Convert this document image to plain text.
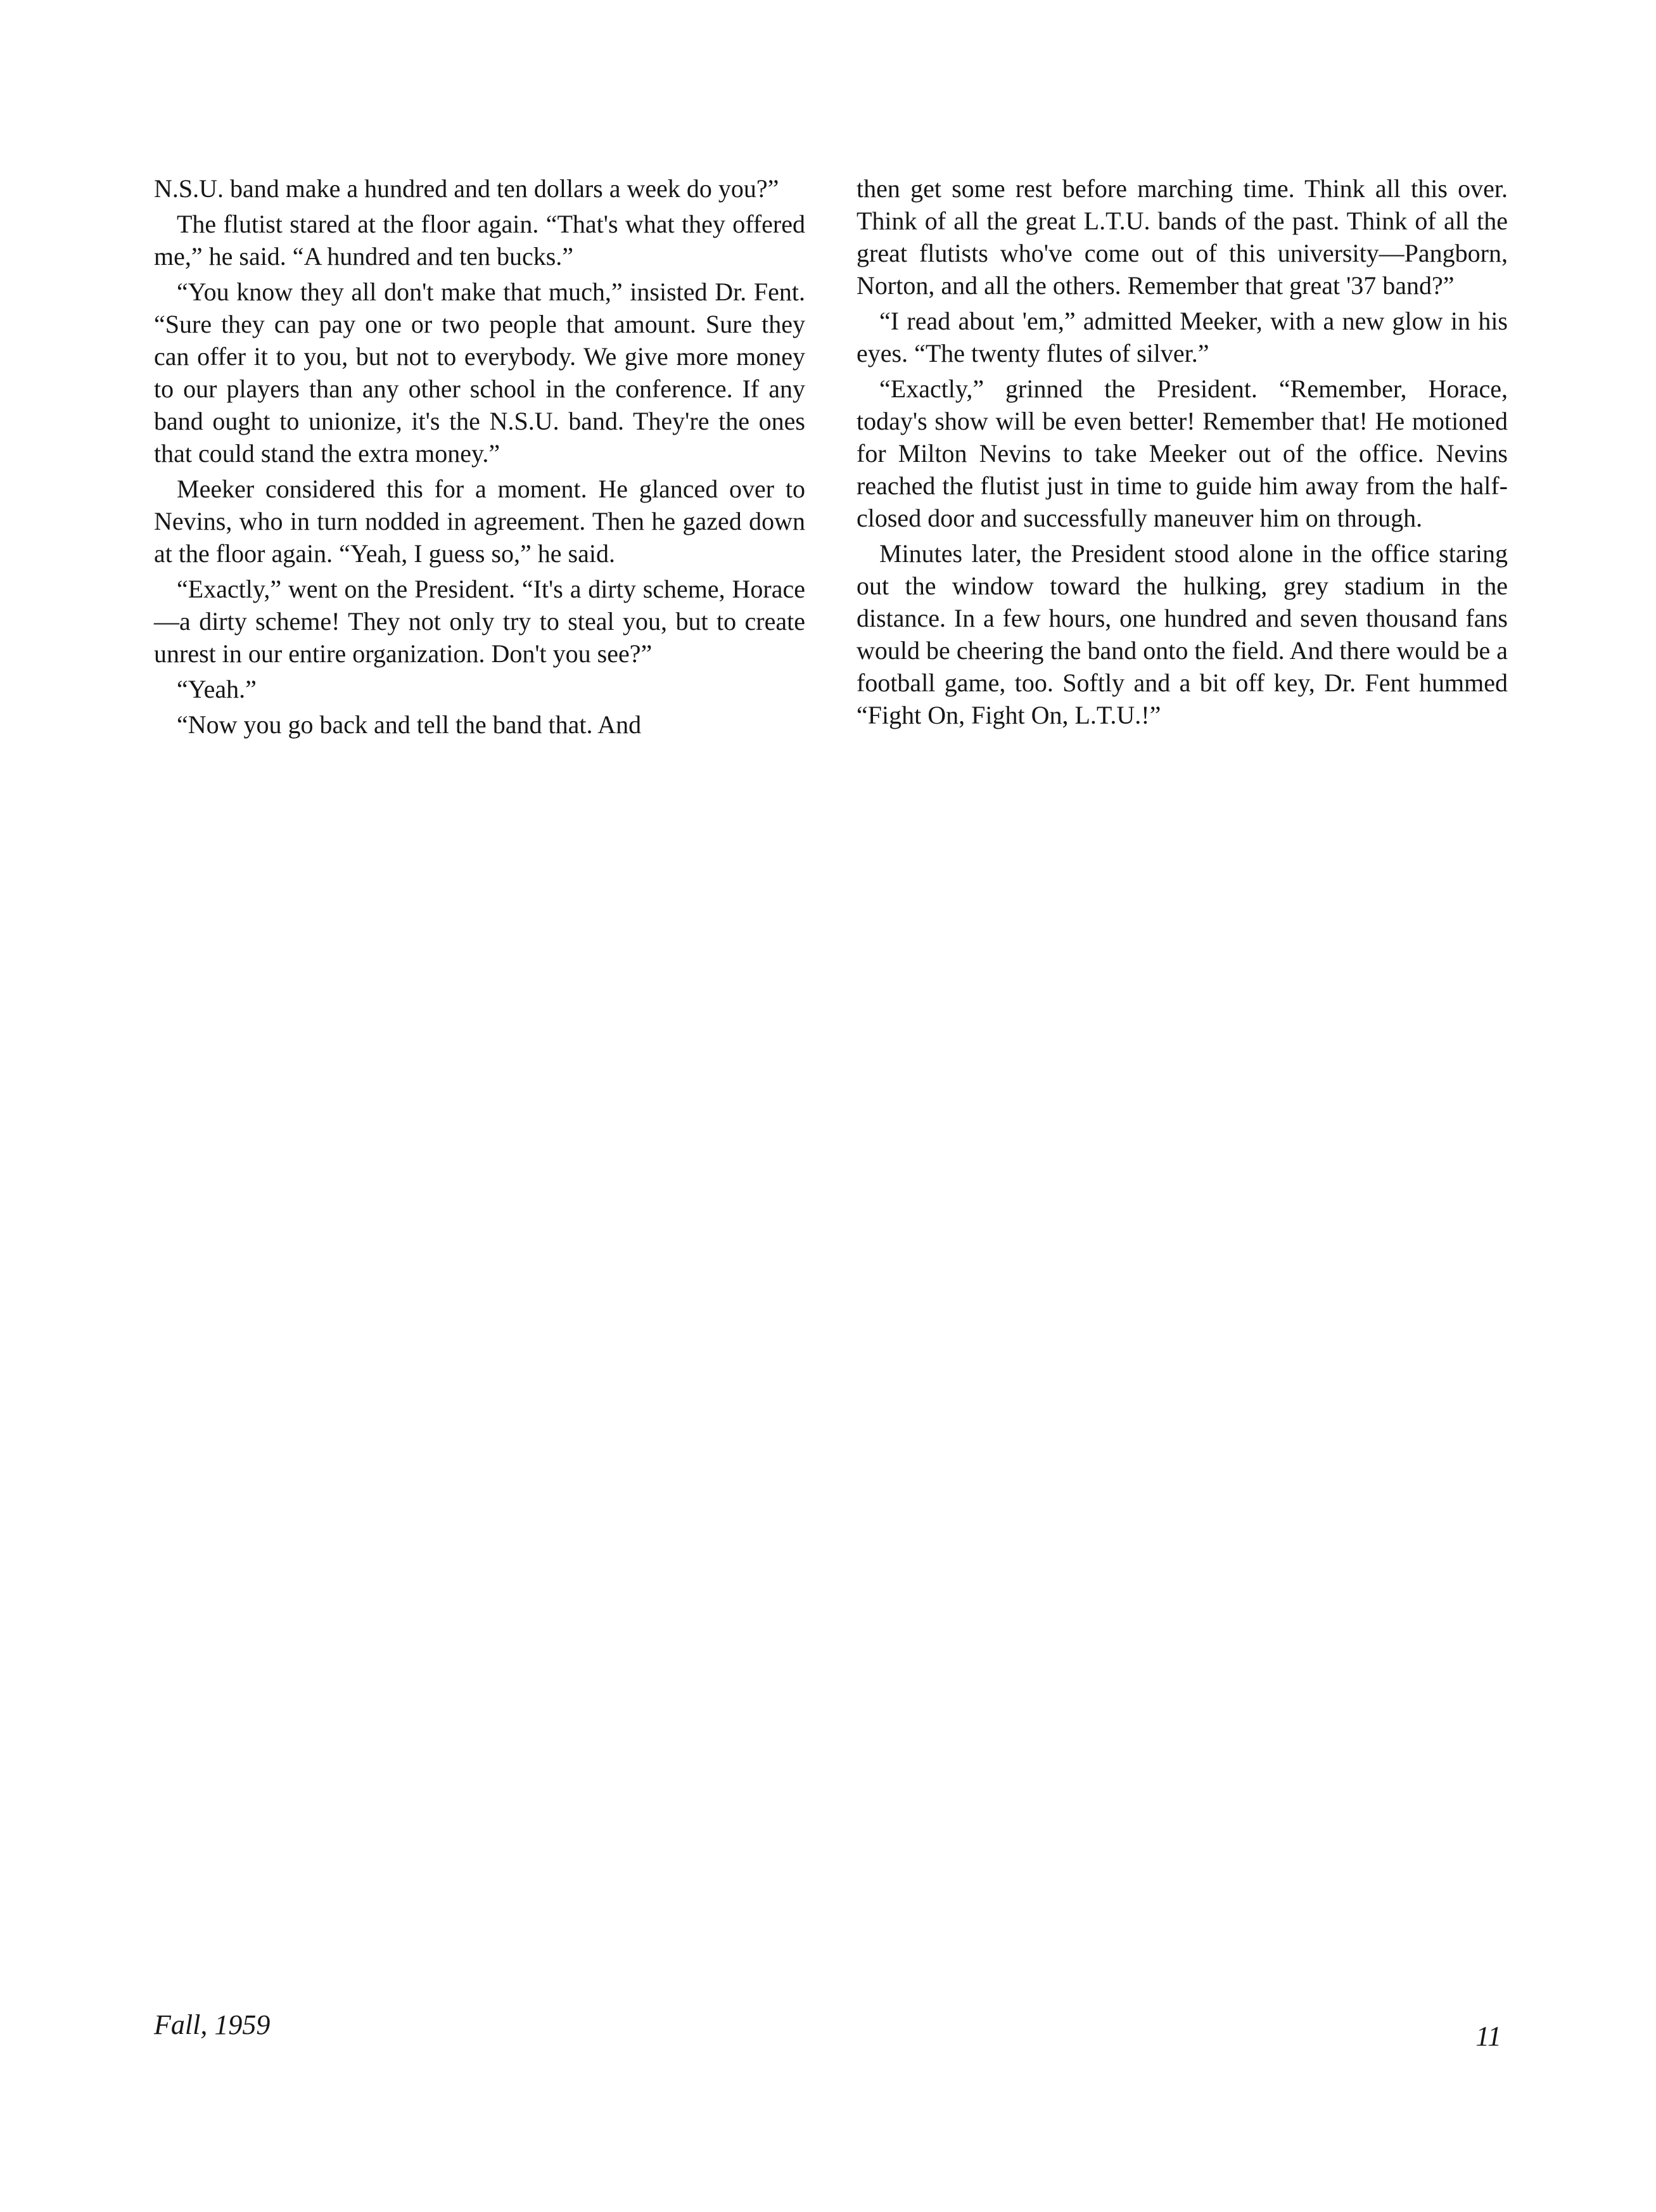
N.S.U. band make a hundred and ten dollars a week do you?”

The flutist stared at the floor again. “That's what they offered me,” he said. “A hundred and ten bucks.”

“You know they all don't make that much,” insisted Dr. Fent. “Sure they can pay one or two people that amount. Sure they can offer it to you, but not to everybody. We give more money to our players than any other school in the conference. If any band ought to unionize, it's the N.S.U. band. They're the ones that could stand the extra money.”

Meeker considered this for a moment. He glanced over to Nevins, who in turn nodded in agreement. Then he gazed down at the floor again. “Yeah, I guess so,” he said.

“Exactly,” went on the President. “It's a dirty scheme, Horace—a dirty scheme! They not only try to steal you, but to create unrest in our entire organization. Don't you see?”

“Yeah.”

“Now you go back and tell the band that. And

then get some rest before marching time. Think all this over. Think of all the great L.T.U. bands of the past. Think of all the great flutists who've come out of this university—Pangborn, Norton, and all the others. Remember that great '37 band?”

“I read about 'em,” admitted Meeker, with a new glow in his eyes. “The twenty flutes of silver.”

“Exactly,” grinned the President. “Remember, Horace, today's show will be even better! Remember that! He motioned for Milton Nevins to take Meeker out of the office. Nevins reached the flutist just in time to guide him away from the half-closed door and successfully maneuver him on through.

Minutes later, the President stood alone in the office staring out the window toward the hulking, grey stadium in the distance. In a few hours, one hundred and seven thousand fans would be cheering the band onto the field. And there would be a football game, too. Softly and a bit off key, Dr. Fent hummed “Fight On, Fight On, L.T.U.!”

Fall, 1959	11
